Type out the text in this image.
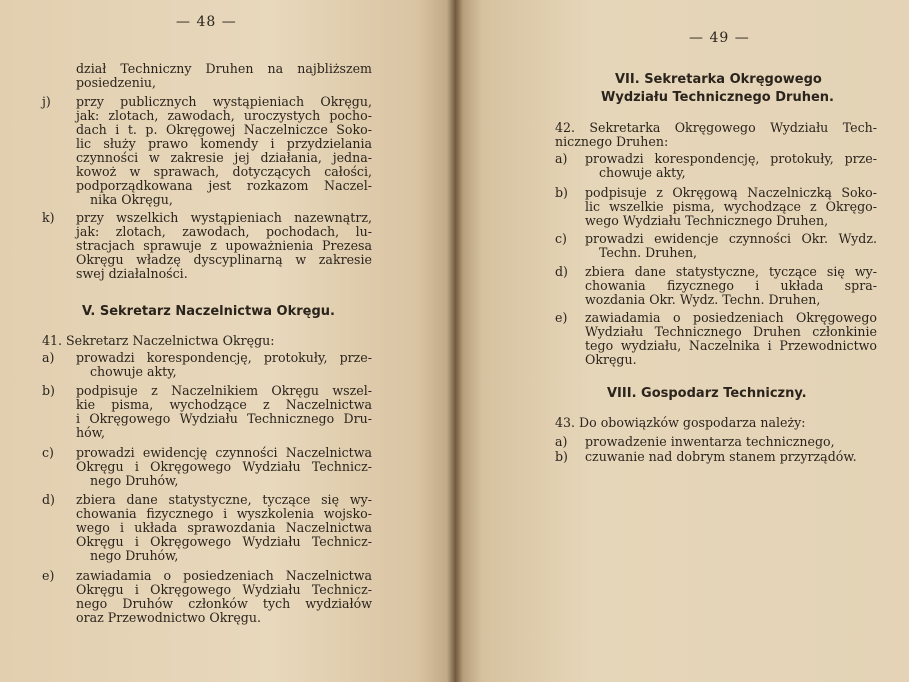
— 48 —
dział Techniczny Druhen na najbliższem
posiedzeniu,
j) przy publicznych wystąpieniach Okręgu,
jak: zlotach, zawodach, uroczystych pocho-
dach i t. p. Okręgowej Naczelniczce Soko-
lic służy prawo komendy i przydzielania
czynności w zakresie jej działania, jedna-
kowoż w sprawach, dotyczących całości,
podporządkowana jest rozkazom Naczel-
nika Okręgu,
k) przy wszelkich wystąpieniach nazewnątrz,
jak: zlotach, zawodach, pochodach, lu-
stracjach sprawuje z upoważnienia Prezesa
Okręgu władzę dyscyplinarną w zakresie
swej działalności.
V. Sekretarz Naczelnictwa Okręgu.
41. Sekretarz Naczelnictwa Okręgu:
a) prowadzi korespondencję, protokuły, prze-
chowuje akty,
b) podpisuje z Naczelnikiem Okręgu wszel-
kie pisma, wychodzące z Naczelnictwa
i Okręgowego Wydziału Technicznego Dru-
hów,
c) prowadzi ewidencję czynności Naczelnictwa
Okręgu i Okręgowego Wydziału Technicz-
nego Druhów,
d) zbiera dane statystyczne, tyczące się wy-
chowania fizycznego i wyszkolenia wojsko-
wego i układa sprawozdania Naczelnictwa
Okręgu i Okręgowego Wydziału Technicz-
nego Druhów,
e) zawiadamia o posiedzeniach Naczelnictwa
Okręgu i Okręgowego Wydziału Technicz-
nego Druhów członków tych wydziałów
oraz Przewodnictwo Okręgu.
— 49 —
VII. Sekretarka Okręgowego
Wydziału Technicznego Druhen.
42. Sekretarka Okręgowego Wydziału Tech-
nicznego Druhen:
a) prowadzi korespondencję, protokuły, prze-
chowuje akty,
b) podpisuje z Okręgową Naczelniczką Soko-
lic wszelkie pisma, wychodzące z Okręgo-
wego Wydziału Technicznego Druhen,
c) prowadzi ewidencje czynności Okr. Wydz.
Techn. Druhen,
d) zbiera dane statystyczne, tyczące się wy-
chowania fizycznego i układa spra-
wozdania Okr. Wydz. Techn. Druhen,
e) zawiadamia o posiedzeniach Okręgowego
Wydziału Technicznego Druhen członkinie
tego wydziału, Naczelnika i Przewodnictwo
Okręgu.
VIII. Gospodarz Techniczny.
43. Do obowiązków gospodarza należy:
a) prowadzenie inwentarza technicznego,
b) czuwanie nad dobrym stanem przyrządów.
